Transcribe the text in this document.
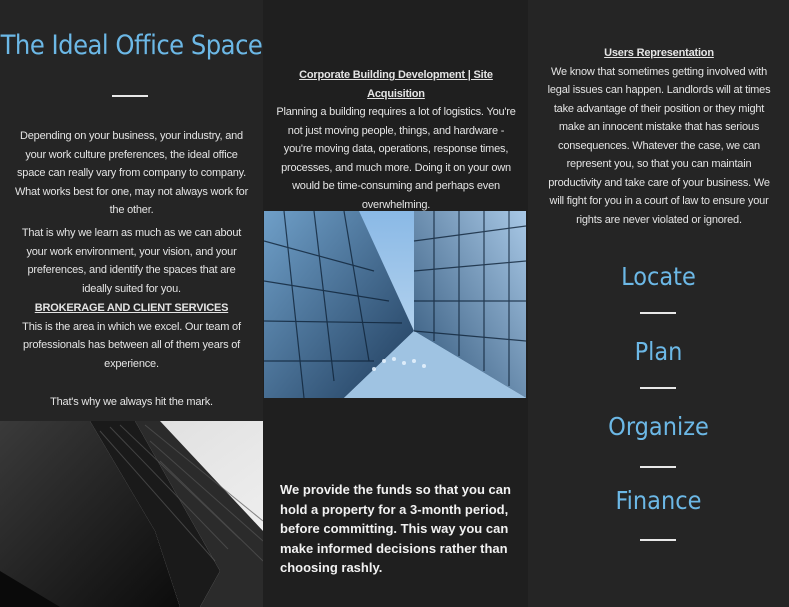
The Ideal Office Space
Depending on your business, your industry, and your work culture preferences, the ideal office space can really vary from company to company. What works best for one, may not always work for the other.
That is why we learn as much as we can about your work environment, your vision, and your preferences, and identify the spaces that are ideally suited for you.
BROKERAGE AND CLIENT SERVICES
This is the area in which we excel. Our team of professionals has between all of them years of experience.
That's why we always hit the mark.
Corporate Building Development | Site Acquisition
Planning a building requires a lot of logistics. You're not just moving people, things, and hardware - you're moving data, operations, response times, processes, and much more. Doing it on your own would be time-consuming and perhaps even overwhelming.

We provide the funds so that you can hold a property for a 3-month period, before committing. This way you can make informed decisions rather than choosing rashly.
Users Representation
We know that sometimes getting involved with legal issues can happen. Landlords will at times take advantage of their position or they might make an innocent mistake that has serious consequences. Whatever the case, we can represent you, so that you can maintain productivity and take care of your business. We will fight for you in a court of law to ensure your rights are never violated or ignored.
Locate
Plan
Organize
Finance
